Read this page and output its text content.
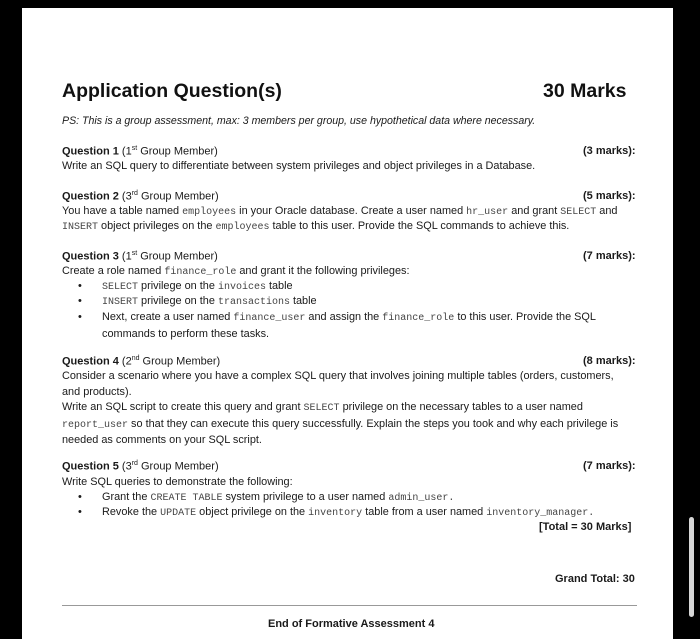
Application Question(s)	30 Marks
PS: This is a group assessment, max: 3 members per group, use hypothetical data where necessary.
Question 1 (1st Group Member)	(3 marks):
Write an SQL query to differentiate between system privileges and object privileges in a Database.
Question 2 (3rd Group Member)	(5 marks):
You have a table named employees in your Oracle database. Create a user named hr_user and grant SELECT and
INSERT object privileges on the employees table to this user. Provide the SQL commands to achieve this.
Question 3 (1st Group Member)	(7 marks):
Create a role named finance_role and grant it the following privileges:
• SELECT privilege on the invoices table
• INSERT privilege on the transactions table
• Next, create a user named finance_user and assign the finance_role to this user. Provide the SQL
commands to perform these tasks.
Question 4 (2nd Group Member)	(8 marks):
Consider a scenario where you have a complex SQL query that involves joining multiple tables (orders, customers,
and products).
Write an SQL script to create this query and grant SELECT privilege on the necessary tables to a user named
report_user so that they can execute this query successfully. Explain the steps you took and why each privilege is
needed as comments on your SQL script.
Question 5 (3rd Group Member)	(7 marks):
Write SQL queries to demonstrate the following:
• Grant the CREATE TABLE system privilege to a user named admin_user.
• Revoke the UPDATE object privilege on the inventory table from a user named inventory_manager.
[Total = 30 Marks]
Grand Total: 30
End of Formative Assessment 4
